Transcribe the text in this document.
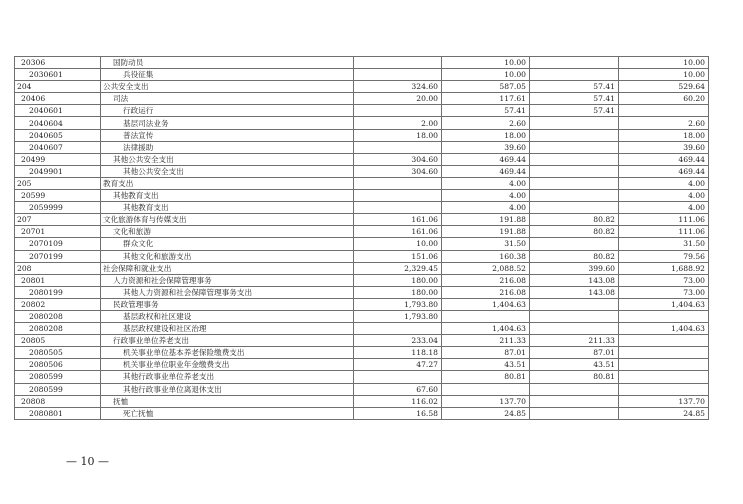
20306	国防动员		10.00		10.00
2030601	兵役征集		10.00		10.00
204	公共安全支出	324.60	587.05	57.41	529.64
20406	司法	20.00	117.61	57.41	60.20
2040601	行政运行		57.41	57.41	
2040604	基层司法业务	2.00	2.60		2.60
2040605	普法宣传	18.00	18.00		18.00
2040607	法律援助		39.60		39.60
20499	其他公共安全支出	304.60	469.44		469.44
2049901	其他公共安全支出	304.60	469.44		469.44
205	教育支出		4.00		4.00
20599	其他教育支出		4.00		4.00
2059999	其他教育支出		4.00		4.00
207	文化旅游体育与传媒支出	161.06	191.88	80.82	111.06
20701	文化和旅游	161.06	191.88	80.82	111.06
2070109	群众文化	10.00	31.50		31.50
2070199	其他文化和旅游支出	151.06	160.38	80.82	79.56
208	社会保障和就业支出	2,329.45	2,088.52	399.60	1,688.92
20801	人力资源和社会保障管理事务	180.00	216.08	143.08	73.00
2080199	其他人力资源和社会保障管理事务支出	180.00	216.08	143.08	73.00
20802	民政管理事务	1,793.80	1,404.63		1,404.63
2080208	基层政权和社区建设	1,793.80			
2080208	基层政权建设和社区治理		1,404.63		1,404.63
20805	行政事业单位养老支出	233.04	211.33	211.33	
2080505	机关事业单位基本养老保险缴费支出	118.18	87.01	87.01	
2080506	机关事业单位职业年金缴费支出	47.27	43.51	43.51	
2080599	其他行政事业单位养老支出		80.81	80.81	
2080599	其他行政事业单位离退休支出	67.60			
20808	抚恤	116.02	137.70		137.70
2080801	死亡抚恤	16.58	24.85		24.85
— 10 —
